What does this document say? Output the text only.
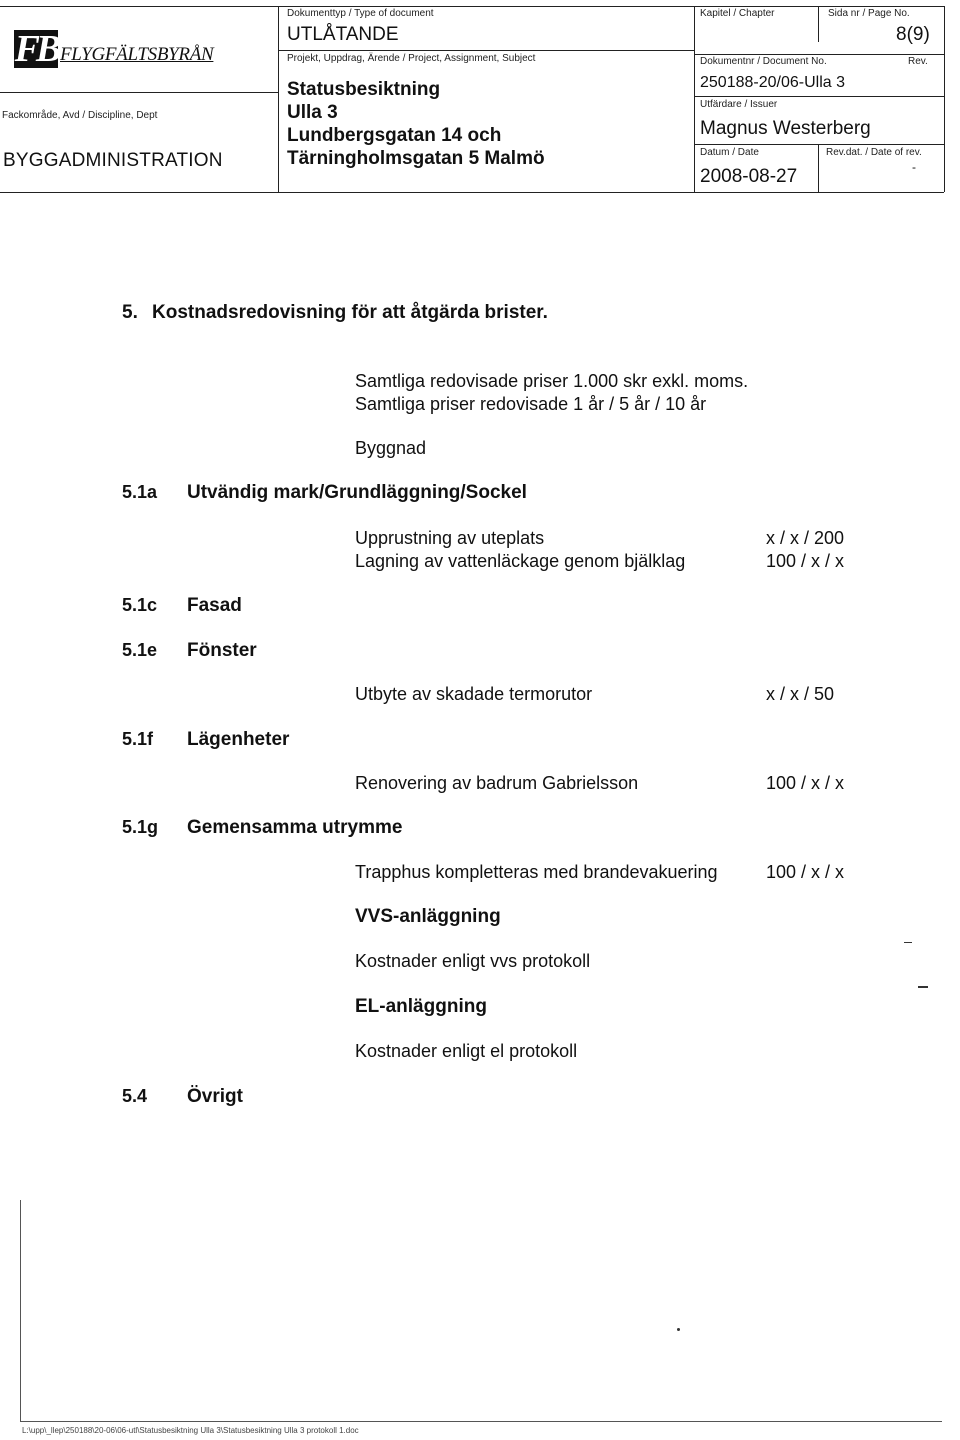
FB FLYGFÄLTSBYRÅN
Fackområde, Avd / Discipline, Dept
BYGGADMINISTRATION
Dokumenttyp / Type of document
UTLÅTANDE
Projekt, Uppdrag, Ärende / Project, Assignment, Subject
Statusbesiktning
Ulla 3
Lundbergsgatan 14 och
Tärningholmsgatan 5 Malmö
Kapitel / Chapter	Sida nr / Page No.
8(9)
Dokumentnr / Document No.	Rev.
250188-20/06-Ulla 3
Utfärdare / Issuer
Magnus Westerberg
Datum / Date
2008-08-27
Rev.dat. / Date of rev.
-
5. Kostnadsredovisning för att åtgärda brister.
Samtliga redovisade priser 1.000 skr exkl. moms.
Samtliga priser redovisade 1 år / 5 år / 10 år
Byggnad
5.1a Utvändig mark/Grundläggning/Sockel
Upprustning av uteplats	x / x / 200
Lagning av vattenläckage genom bjälklag	100 / x / x
5.1c Fasad
5.1e Fönster
Utbyte av skadade termorutor	x / x / 50
5.1f Lägenheter
Renovering av badrum Gabrielsson	100 / x / x
5.1g Gemensamma utrymme
Trapphus kompletteras med brandevakuering	100 / x / x
VVS-anläggning
Kostnader enligt vvs protokoll
EL-anläggning
Kostnader enligt el protokoll
5.4 Övrigt
L:\upp\_llep\250188\20-06\06-utl\Statusbesiktning Ulla 3\Statusbesiktning Ulla 3 protokoll 1.doc
